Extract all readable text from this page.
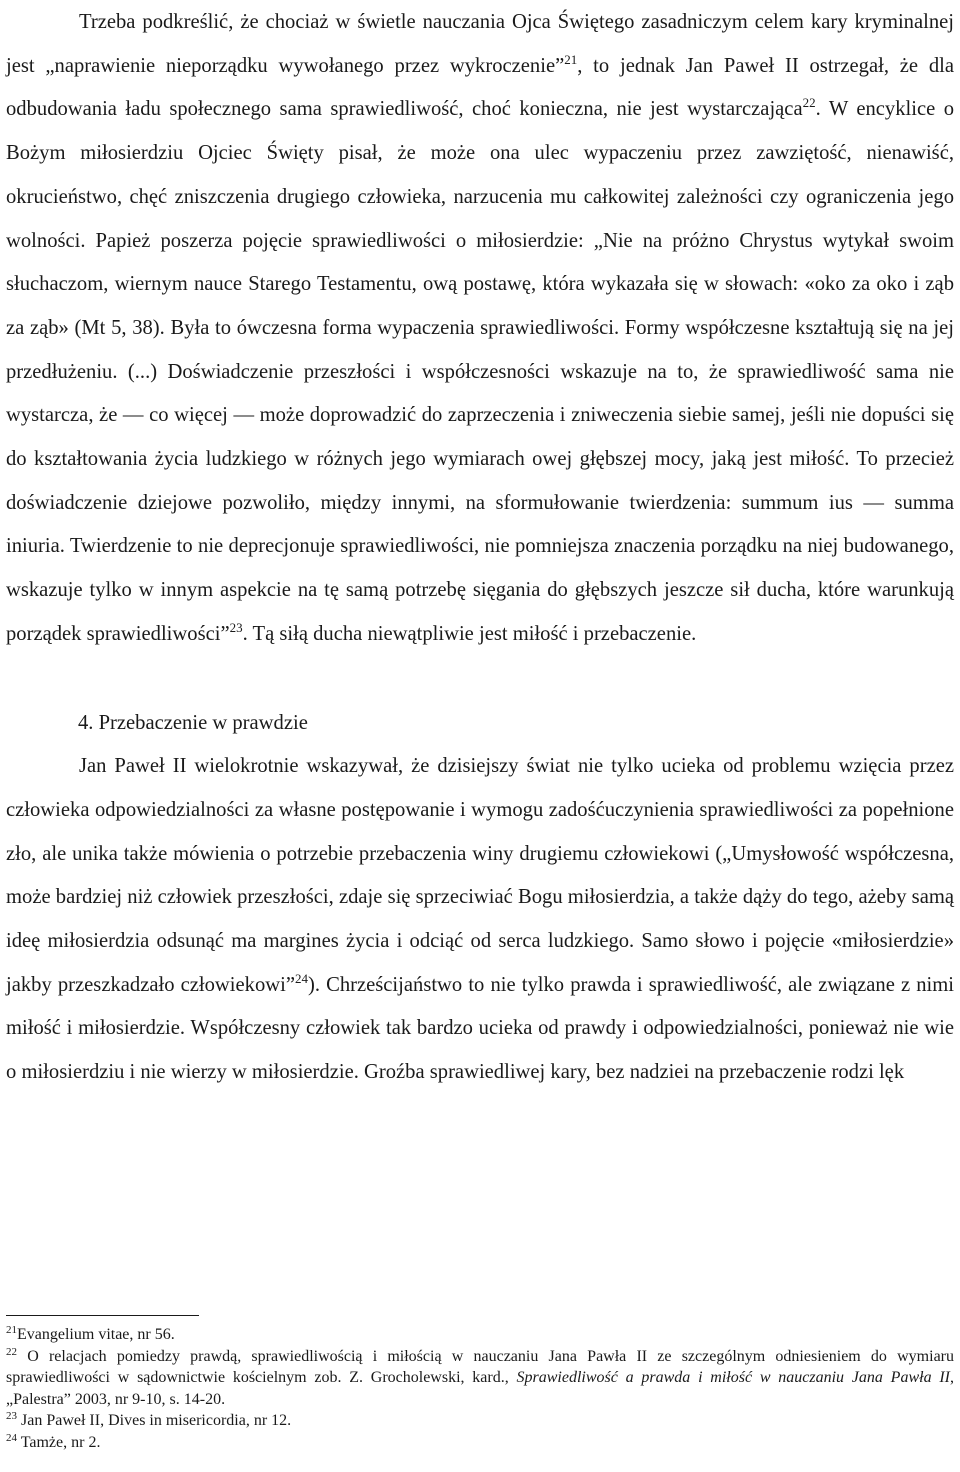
Trzeba podkreślić, że chociaż w świetle nauczania Ojca Świętego zasadniczym celem kary kryminalnej jest „naprawienie nieporządku wywołanego przez wykroczenie”$^{21}$, to jednak Jan Paweł II ostrzegał, że dla odbudowania ładu społecznego sama sprawiedliwość, choć konieczna, nie jest wystarczająca$^{22}$. W encyklice o Bożym miłosierdziu Ojciec Święty pisał, że może ona ulec wypaczeniu przez zawziętość, nienawiść, okrucieństwo, chęć zniszczenia drugiego człowieka, narzucenia mu całkowitej zależności czy ograniczenia jego wolności. Papież poszerza pojęcie sprawiedliwości o miłosierdzie: „Nie na próżno Chrystus wytykał swoim słuchaczom, wiernym nauce Starego Testamentu, ową postawę, która wykazała się w słowach: «oko za oko i ząb za ząb» (Mt 5, 38). Była to ówczesna forma wypaczenia sprawiedliwości. Formy współczesne kształtują się na jej przedłużeniu. (...) Doświadczenie przeszłości i współczesności wskazuje na to, że sprawiedliwość sama nie wystarcza, że — co więcej — może doprowadzić do zaprzeczenia i zniweczenia siebie samej, jeśli nie dopuści się do kształtowania życia ludzkiego w różnych jego wymiarach owej głębszej mocy, jaką jest miłość. To przecież doświadczenie dziejowe pozwoliło, między innymi, na sformułowanie twierdzenia: summum ius — summa iniuria. Twierdzenie to nie deprecjonuje sprawiedliwości, nie pomniejsza znaczenia porządku na niej budowanego, wskazuje tylko w innym aspekcie na tę samą potrzebę sięgania do głębszych jeszcze sił ducha, które warunkują porządek sprawiedliwości”$^{23}$. Tą siłą ducha niewątpliwie jest miłość i przebaczenie.

4. Przebaczenie w prawdzie

Jan Paweł II wielokrotnie wskazywał, że dzisiejszy świat nie tylko ucieka od problemu wzięcia przez człowieka odpowiedzialności za własne postępowanie i wymogu zadośćuczynienia sprawiedliwości za popełnione zło, ale unika także mówienia o potrzebie przebaczenia winy drugiemu człowiekowi („Umysłowość współczesna, może bardziej niż człowiek przeszłości, zdaje się sprzeciwiać Bogu miłosierdzia, a także dąży do tego, ażeby samą ideę miłosierdzia odsunąć ma margines życia i odciąć od serca ludzkiego. Samo słowo i pojęcie «miłosierdzie» jakby przeszkadzało człowiekowi”$^{24}$). Chrześcijaństwo to nie tylko prawda i sprawiedliwość, ale związane z nimi miłość i miłosierdzie. Współczesny człowiek tak bardzo ucieka od prawdy i odpowiedzialności, ponieważ nie wie o miłosierdziu i nie wierzy w miłosierdzie. Groźba sprawiedliwej kary, bez nadziei na przebaczenie rodzi lęk

$^{21}$Evangelium vitae, nr 56.

$^{22}$ O relacjach pomiedzy prawdą, sprawiedliwością i miłością w nauczaniu Jana Pawła II ze szczególnym odniesieniem do wymiaru sprawiedliwości w sądownictwie kościelnym zob. Z. Grocholewski, kard., Sprawiedliwość a prawda i miłość w nauczaniu Jana Pawła II, „Palestra” 2003, nr 9-10, s. 14-20.

$^{23}$ Jan Paweł II, Dives in misericordia, nr 12.

$^{24}$ Tamże, nr 2.
